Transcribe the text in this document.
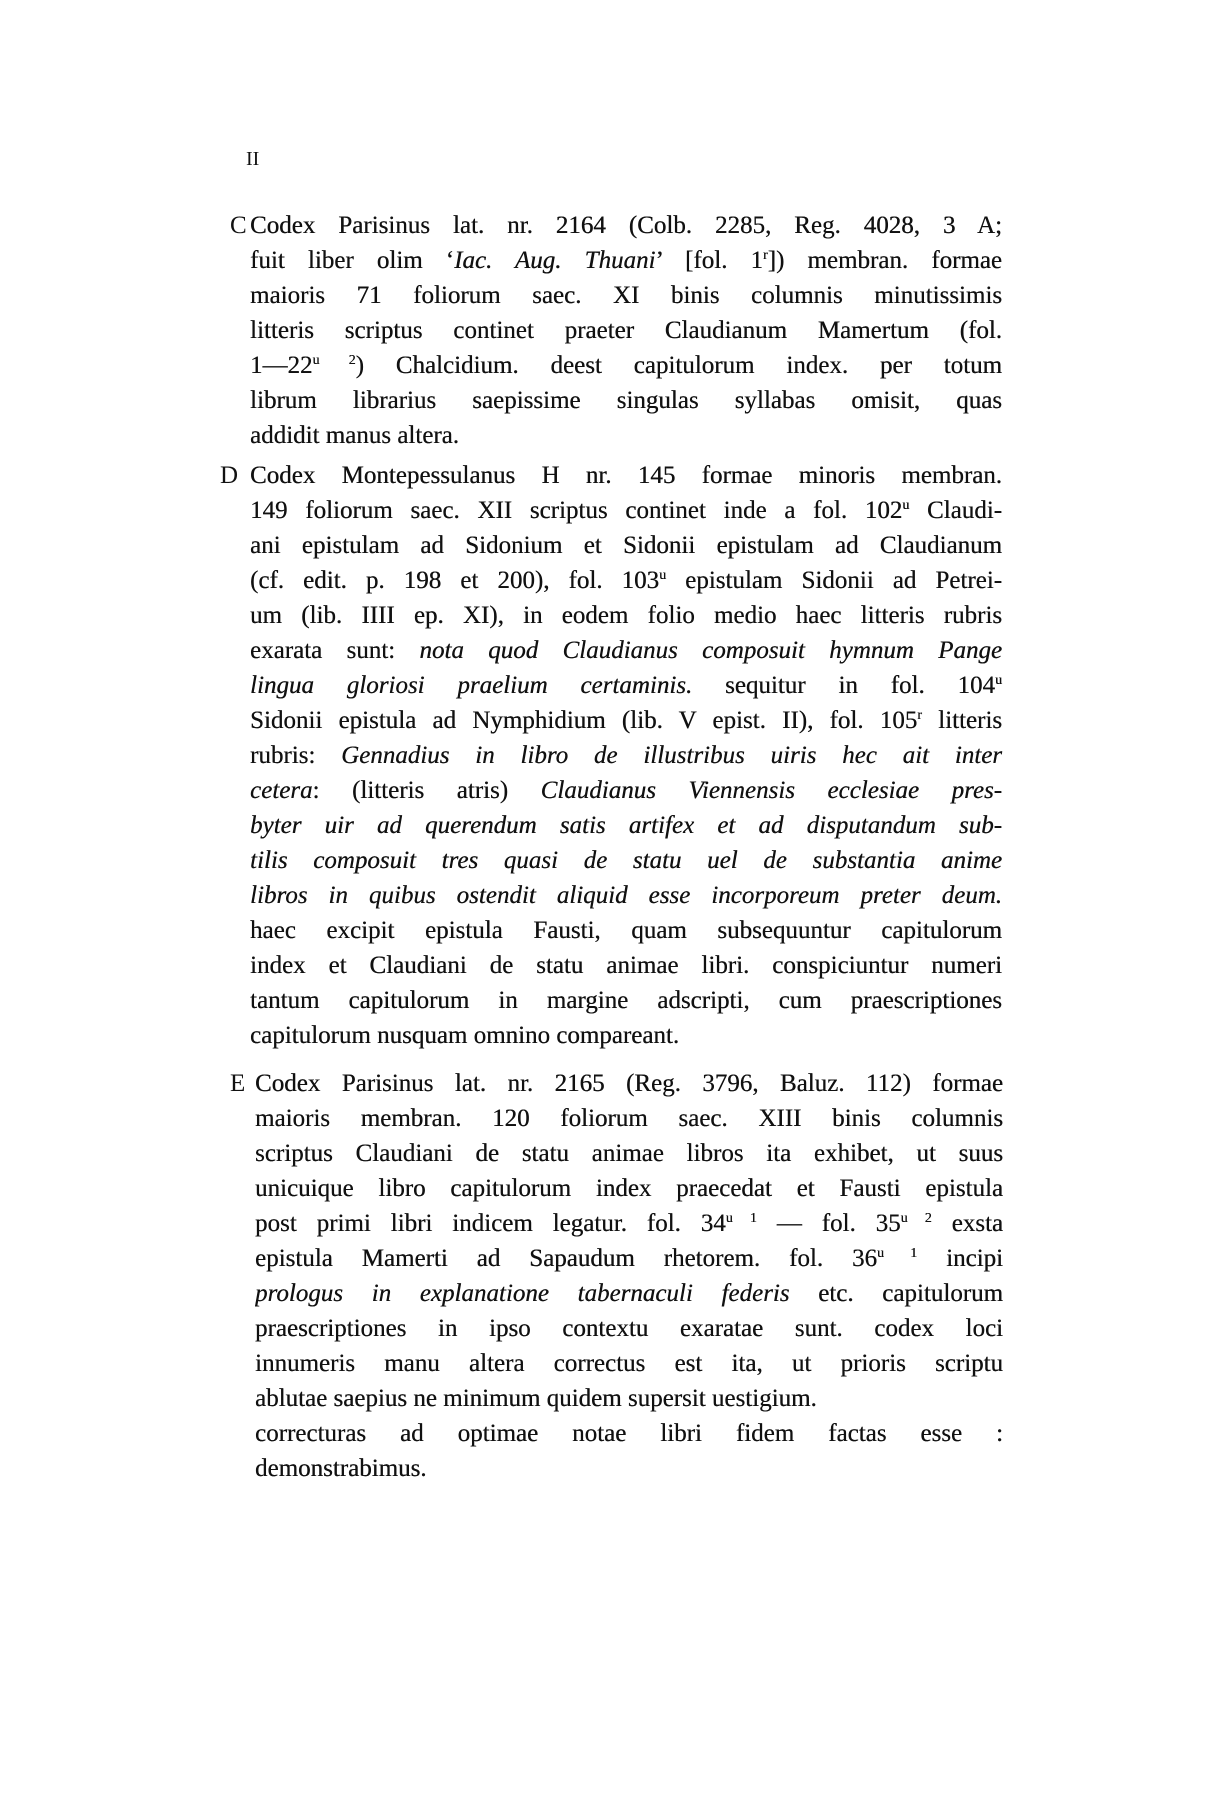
II
C Codex Parisinus lat. nr. 2164 (Colb. 2285, Reg. 4028, 3 A;
fuit liber olim ‘Iac. Aug. Thuani’ [fol. 1$^r$]) membran. formae
maioris 71 foliorum saec. XI binis columnis minutissimis
litteris scriptus continet praeter Claudianum Mamertum (fol.
$1—22^{u 2}$) Chalcidium. deest capitulorum index. per totum
librum librarius saepissime singulas syllabas omisit, quas
addidit manus altera.
D Codex Montepessulanus H nr. 145 formae minoris membran.
149 foliorum saec. XII scriptus continet inde a fol. 102$^u$ Claudi-
ani epistulam ad Sidonium et Sidonii epistulam ad Claudianum
(cf. edit. p. 198 et 200), fol. 103$^u$ epistulam Sidonii ad Petrei-
um (lib. IIII ep. XI), in eodem folio medio haec litteris rubris
exarata sunt: nota quod Claudianus composuit hymnum Pange
lingua gloriosi praelium certaminis. sequitur in fol. 104$^u$
Sidonii epistula ad Nymphidium (lib. V epist. II), fol. 105$^r$ litteris
rubris: Gennadius in libro de illustribus uiris hec ait inter
cetera: (litteris atris) Claudianus Viennensis ecclesiae pres-
byter uir ad querendum satis artifex et ad disputandum sub-
tilis composuit tres quasi de statu uel de substantia anime
libros in quibus ostendit aliquid esse incorporeum preter deum.
haec excipit epistula Fausti, quam subsequuntur capitulorum
index et Claudiani de statu animae libri. conspiciuntur numeri
tantum capitulorum in margine adscripti, cum praescriptiones
capitulorum nusquam omnino compareant.
E Codex Parisinus lat. nr. 2165 (Reg. 3796, Baluz. 112) formae
maioris membran. 120 foliorum saec. XIII binis columnis
scriptus Claudiani de statu animae libros ita exhibet, ut suus
unicuique libro capitulorum index praecedat et Fausti epistula
post primi libri indicem legatur. fol. $34^{u 1}$ — fol. $35^{u 2}$ exsta
epistula Mamerti ad Sapaudum rhetorem. fol. $36^{u 1}$ incipi
prologus in explanatione tabernaculi federis etc. capitulorum
praescriptiones in ipso contextu exaratae sunt. codex loci
innumeris manu altera correctus est ita, ut prioris scriptu
ablutae saepius ne minimum quidem supersit uestigium.
correcturas ad optimae notae libri fidem factas esse :
demonstrabimus.
